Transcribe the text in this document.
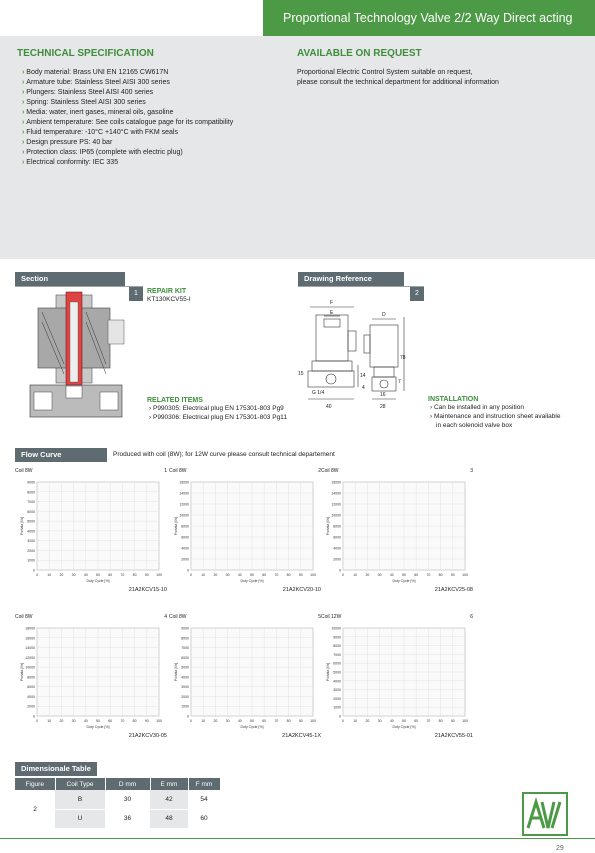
Proportional Technology Valve 2/2 Way Direct acting
TECHNICAL SPECIFICATION
› Body material: Brass UNI EN 12165 CW617N
› Armature tube: Stainless Steel AISI 300 series
› Plungers: Stainless Steel AISI 400 series
› Spring: Stainless Steel AISI 300 series
› Media: water, inert gases, mineral oils, gasoline
› Ambient temperature: See coils catalogue page for its compatibility
› Fluid temperature: -10°C +140°C with FKM seals
› Design pressure PS: 40 bar
› Protection class: IP65 (complete with electric plug)
› Electrical conformity: IEC 335
AVAILABLE ON REQUEST
Proportional Electric Control System suitable on request,
please consult the technical department for additional information
Section
1	REPAIR KIT
KT130KCV55-I
RELATED ITEMS
› P990305: Electrical plug EN 175301-803 Pg9
› P990306: Electrical plug EN 175301-803 Pg11
Drawing Reference
2
F
E	D
40	28
78
G 1/4
14
16
7
4
15
INSTALLATION
› Can be installed in any position
› Maintenance and instruction sheet available
in each solenoid valve box
Flow Curve	Produced with coil (8W); for 12W curve please consult technical departement
Coil 8W	1
9000
8000
7000
6000
5000
4000
3000
2000
1000
0
0	10 20 30 40 50 60 70 80 90 100
Duty Cycle [%]
Portata [l/h]
21A2KCV15-10
Coil 8W	2
16000
14000
12000
10000
8000
6000
4000
2000
0
0	10 20 30 40 50 60 70 80 90 100
Duty Cycle [%]
Portata [l/h]
21A2KCV20-10
Coil 8W	3
16000
14000
12000
10000
8000
6000
4000
2000
0
0	10 20 30 40 50 60 70 80 90 100
Duty Cycle [%]
Portata [l/h]
21A2KCV25-08
Coil 8W	4
18000
16000
14000
12000
10000
8000
6000
4000
2000
0
0	10 20 30 40 50 60 70 80 90 100
Duty Cycle [%]
Portata [l/h]
21A2KCV30-05
Coil 8W	5
9000
8000
7000
6000
5000
4000
3000
2000
1000
0
0	10 20 30 40 50 60 70 80 90 100
Duty Cycle [%]
Portata [l/h]
21A2KCV45-1X
Coil 12W	6
10000
9000
8000
7000
6000
5000
4000
3000
2000
1000
0
0	10 20 30 40 50 60 70 80 90 100
Duty Cycle [%]
Portata [l/h]
21A2KCV55-01
Dimensionale Table
Figure	Coil Type	D mm	E mm	F mm
2	B	30	42	54
	U	36	48	60
29
